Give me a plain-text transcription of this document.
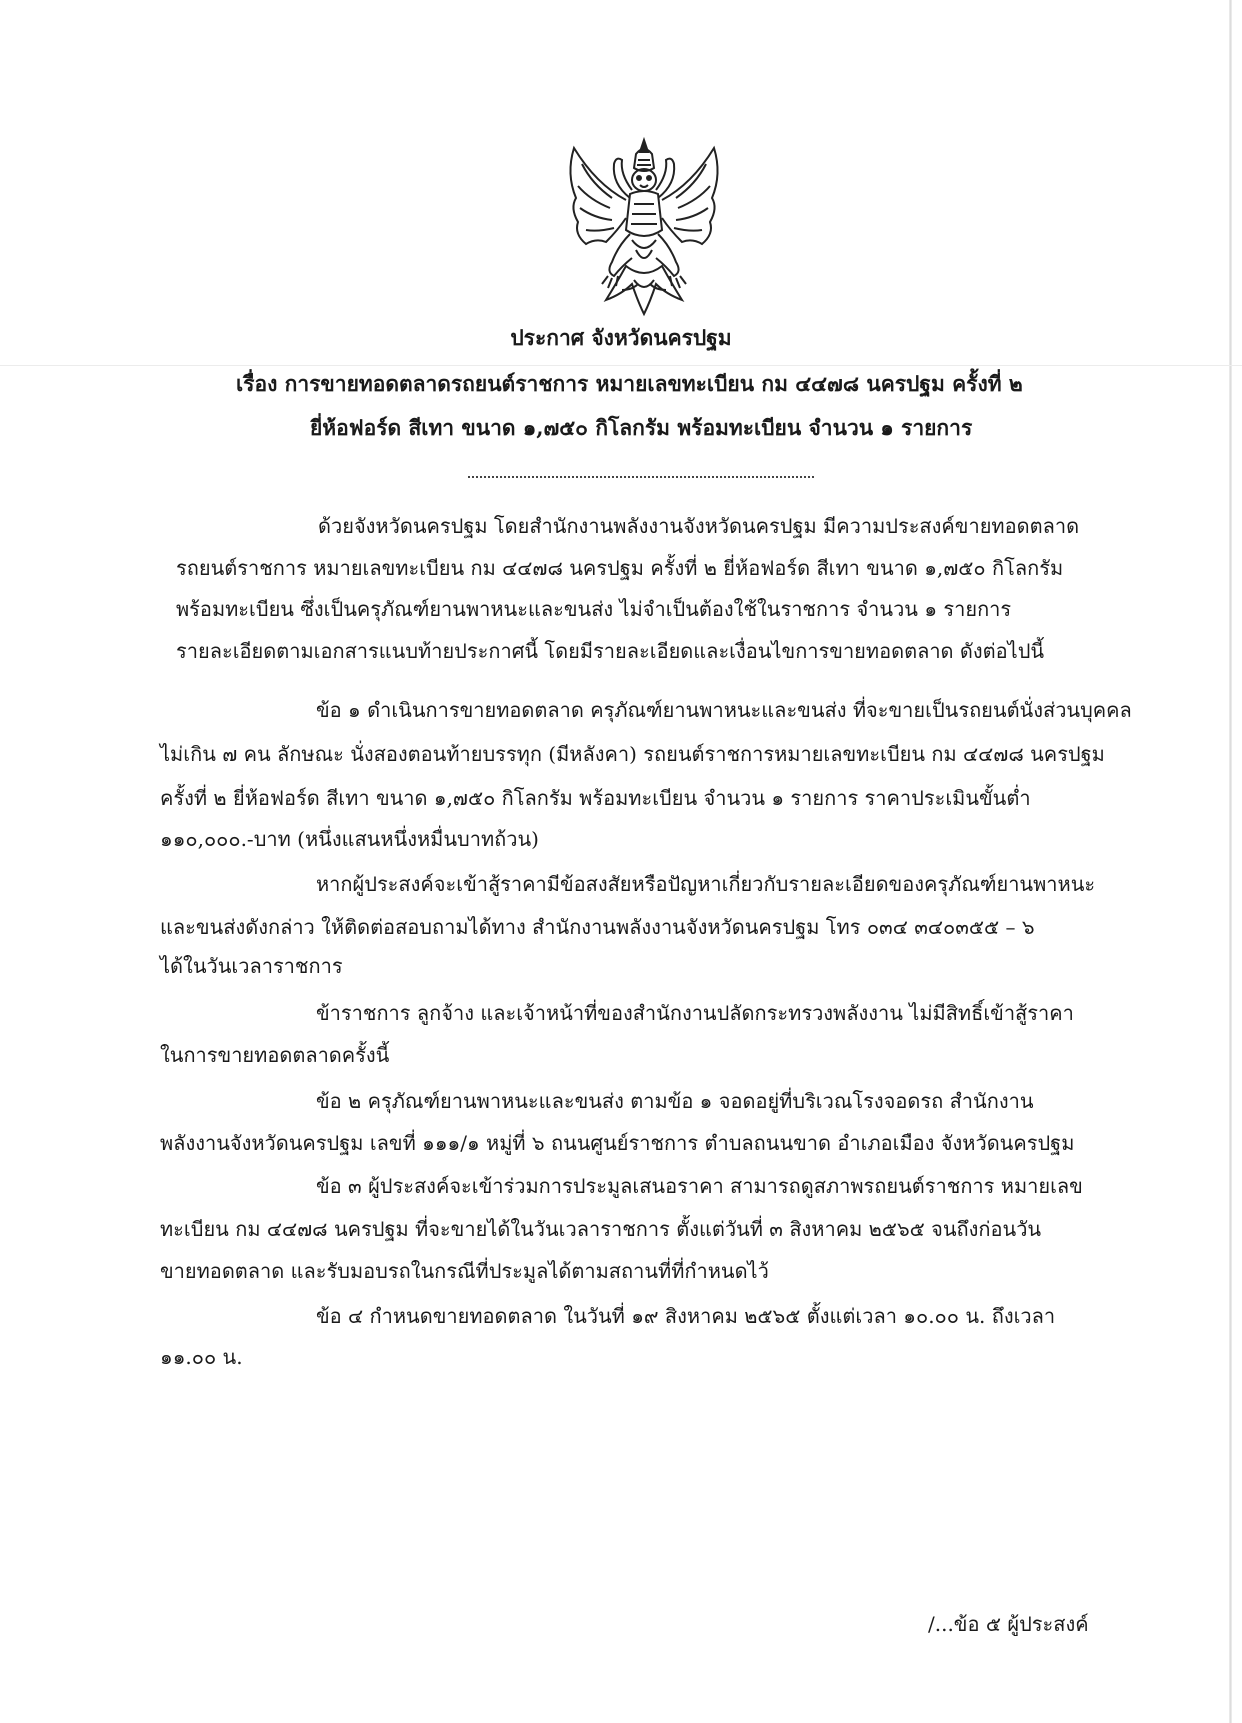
ประกาศ จังหวัดนครปฐม
เรื่อง การขายทอดตลาดรถยนต์ราชการ หมายเลขทะเบียน กม ๔๔๗๘ นครปฐม ครั้งที่ ๒
ยี่ห้อฟอร์ด สีเทา ขนาด ๑,๗๕๐ กิโลกรัม พร้อมทะเบียน จำนวน ๑ รายการ
ด้วยจังหวัดนครปฐม โดยสำนักงานพลังงานจังหวัดนครปฐม มีความประสงค์ขายทอดตลาด
รถยนต์ราชการ หมายเลขทะเบียน กม ๔๔๗๘ นครปฐม ครั้งที่ ๒ ยี่ห้อฟอร์ด สีเทา ขนาด ๑,๗๕๐ กิโลกรัม
พร้อมทะเบียน ซึ่งเป็นครุภัณฑ์ยานพาหนะและขนส่ง ไม่จำเป็นต้องใช้ในราชการ จำนวน ๑ รายการ
รายละเอียดตามเอกสารแนบท้ายประกาศนี้ โดยมีรายละเอียดและเงื่อนไขการขายทอดตลาด ดังต่อไปนี้
ข้อ ๑ ดำเนินการขายทอดตลาด ครุภัณฑ์ยานพาหนะและขนส่ง ที่จะขายเป็นรถยนต์นั่งส่วนบุคคล
ไม่เกิน ๗ คน ลักษณะ นั่งสองตอนท้ายบรรทุก (มีหลังคา) รถยนต์ราชการหมายเลขทะเบียน กม ๔๔๗๘ นครปฐม
ครั้งที่ ๒ ยี่ห้อฟอร์ด สีเทา ขนาด ๑,๗๕๐ กิโลกรัม พร้อมทะเบียน จำนวน ๑ รายการ ราคาประเมินขั้นต่ำ
๑๑๐,๐๐๐.-บาท (หนึ่งแสนหนึ่งหมื่นบาทถ้วน)
หากผู้ประสงค์จะเข้าสู้ราคามีข้อสงสัยหรือปัญหาเกี่ยวกับรายละเอียดของครุภัณฑ์ยานพาหนะ
และขนส่งดังกล่าว ให้ติดต่อสอบถามได้ทาง สำนักงานพลังงานจังหวัดนครปฐม โทร ๐๓๔ ๓๔๐๓๕๕ – ๖
ได้ในวันเวลาราชการ
ข้าราชการ ลูกจ้าง และเจ้าหน้าที่ของสำนักงานปลัดกระทรวงพลังงาน ไม่มีสิทธิ์เข้าสู้ราคา
ในการขายทอดตลาดครั้งนี้
ข้อ ๒ ครุภัณฑ์ยานพาหนะและขนส่ง ตามข้อ ๑ จอดอยู่ที่บริเวณโรงจอดรถ สำนักงาน
พลังงานจังหวัดนครปฐม เลขที่ ๑๑๑/๑ หมู่ที่ ๖ ถนนศูนย์ราชการ ตำบลถนนขาด อำเภอเมือง จังหวัดนครปฐม
ข้อ ๓ ผู้ประสงค์จะเข้าร่วมการประมูลเสนอราคา สามารถดูสภาพรถยนต์ราชการ หมายเลข
ทะเบียน กม ๔๔๗๘ นครปฐม ที่จะขายได้ในวันเวลาราชการ ตั้งแต่วันที่ ๓ สิงหาคม ๒๕๖๕ จนถึงก่อนวัน
ขายทอดตลาด และรับมอบรถในกรณีที่ประมูลได้ตามสถานที่ที่กำหนดไว้
ข้อ ๔ กำหนดขายทอดตลาด ในวันที่ ๑๙ สิงหาคม ๒๕๖๕ ตั้งแต่เวลา ๑๐.๐๐ น. ถึงเวลา
๑๑.๐๐ น.
/...ข้อ ๕ ผู้ประสงค์
